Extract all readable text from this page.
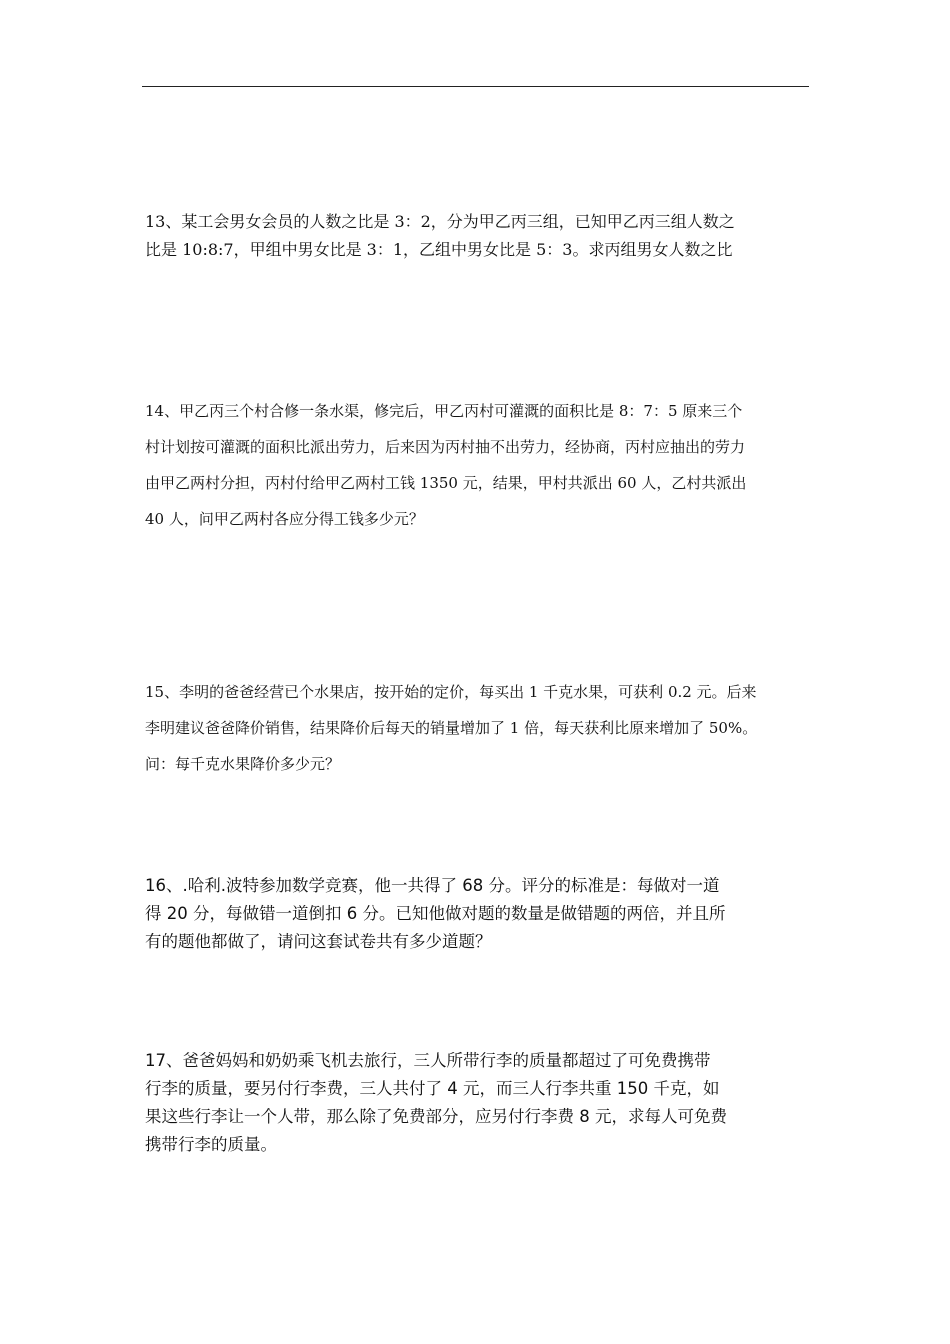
13、某工会男女会员的人数之比是 3：2，分为甲乙丙三组，已知甲乙丙三组人数之
比是 10:8:7，甲组中男女比是 3：1，乙组中男女比是 5：3。求丙组男女人数之比

14、甲乙丙三个村合修一条水渠，修完后，甲乙丙村可灌溉的面积比是 8：7：5 原来三个
村计划按可灌溉的面积比派出劳力，后来因为丙村抽不出劳力，经协商，丙村应抽出的劳力
由甲乙两村分担，丙村付给甲乙两村工钱 1350 元，结果，甲村共派出 60 人，乙村共派出
40 人，问甲乙两村各应分得工钱多少元？

15、李明的爸爸经营已个水果店，按开始的定价，每买出 1 千克水果，可获利 0.2 元。后来
李明建议爸爸降价销售，结果降价后每天的销量增加了 1 倍，每天获利比原来增加了 50%。
问：每千克水果降价多少元？

16、.哈利.波特参加数学竞赛，他一共得了 68 分。评分的标准是：每做对一道
得 20 分，每做错一道倒扣 6 分。已知他做对题的数量是做错题的两倍，并且所
有的题他都做了，请问这套试卷共有多少道题？

17、爸爸妈妈和奶奶乘飞机去旅行，三人所带行李的质量都超过了可免费携带
行李的质量，要另付行李费，三人共付了 4 元，而三人行李共重 150 千克，如
果这些行李让一个人带，那么除了免费部分，应另付行李费 8 元，求每人可免费
携带行李的质量。
